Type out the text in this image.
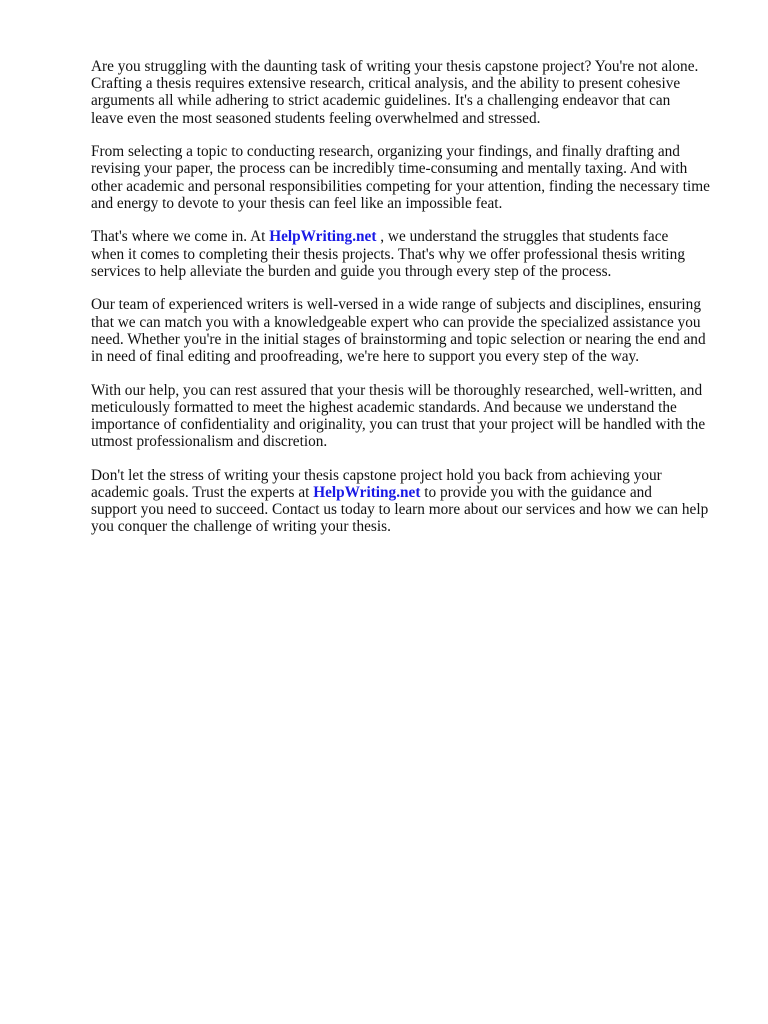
Are you struggling with the daunting task of writing your thesis capstone project? You're not alone.
Crafting a thesis requires extensive research, critical analysis, and the ability to present cohesive
arguments all while adhering to strict academic guidelines. It's a challenging endeavor that can
leave even the most seasoned students feeling overwhelmed and stressed.

From selecting a topic to conducting research, organizing your findings, and finally drafting and
revising your paper, the process can be incredibly time-consuming and mentally taxing. And with
other academic and personal responsibilities competing for your attention, finding the necessary time
and energy to devote to your thesis can feel like an impossible feat.

That's where we come in. At HelpWriting.net , we understand the struggles that students face
when it comes to completing their thesis projects. That's why we offer professional thesis writing
services to help alleviate the burden and guide you through every step of the process.

Our team of experienced writers is well-versed in a wide range of subjects and disciplines, ensuring
that we can match you with a knowledgeable expert who can provide the specialized assistance you
need. Whether you're in the initial stages of brainstorming and topic selection or nearing the end and
in need of final editing and proofreading, we're here to support you every step of the way.

With our help, you can rest assured that your thesis will be thoroughly researched, well-written, and
meticulously formatted to meet the highest academic standards. And because we understand the
importance of confidentiality and originality, you can trust that your project will be handled with the
utmost professionalism and discretion.

Don't let the stress of writing your thesis capstone project hold you back from achieving your
academic goals. Trust the experts at HelpWriting.net to provide you with the guidance and
support you need to succeed. Contact us today to learn more about our services and how we can help
you conquer the challenge of writing your thesis.
